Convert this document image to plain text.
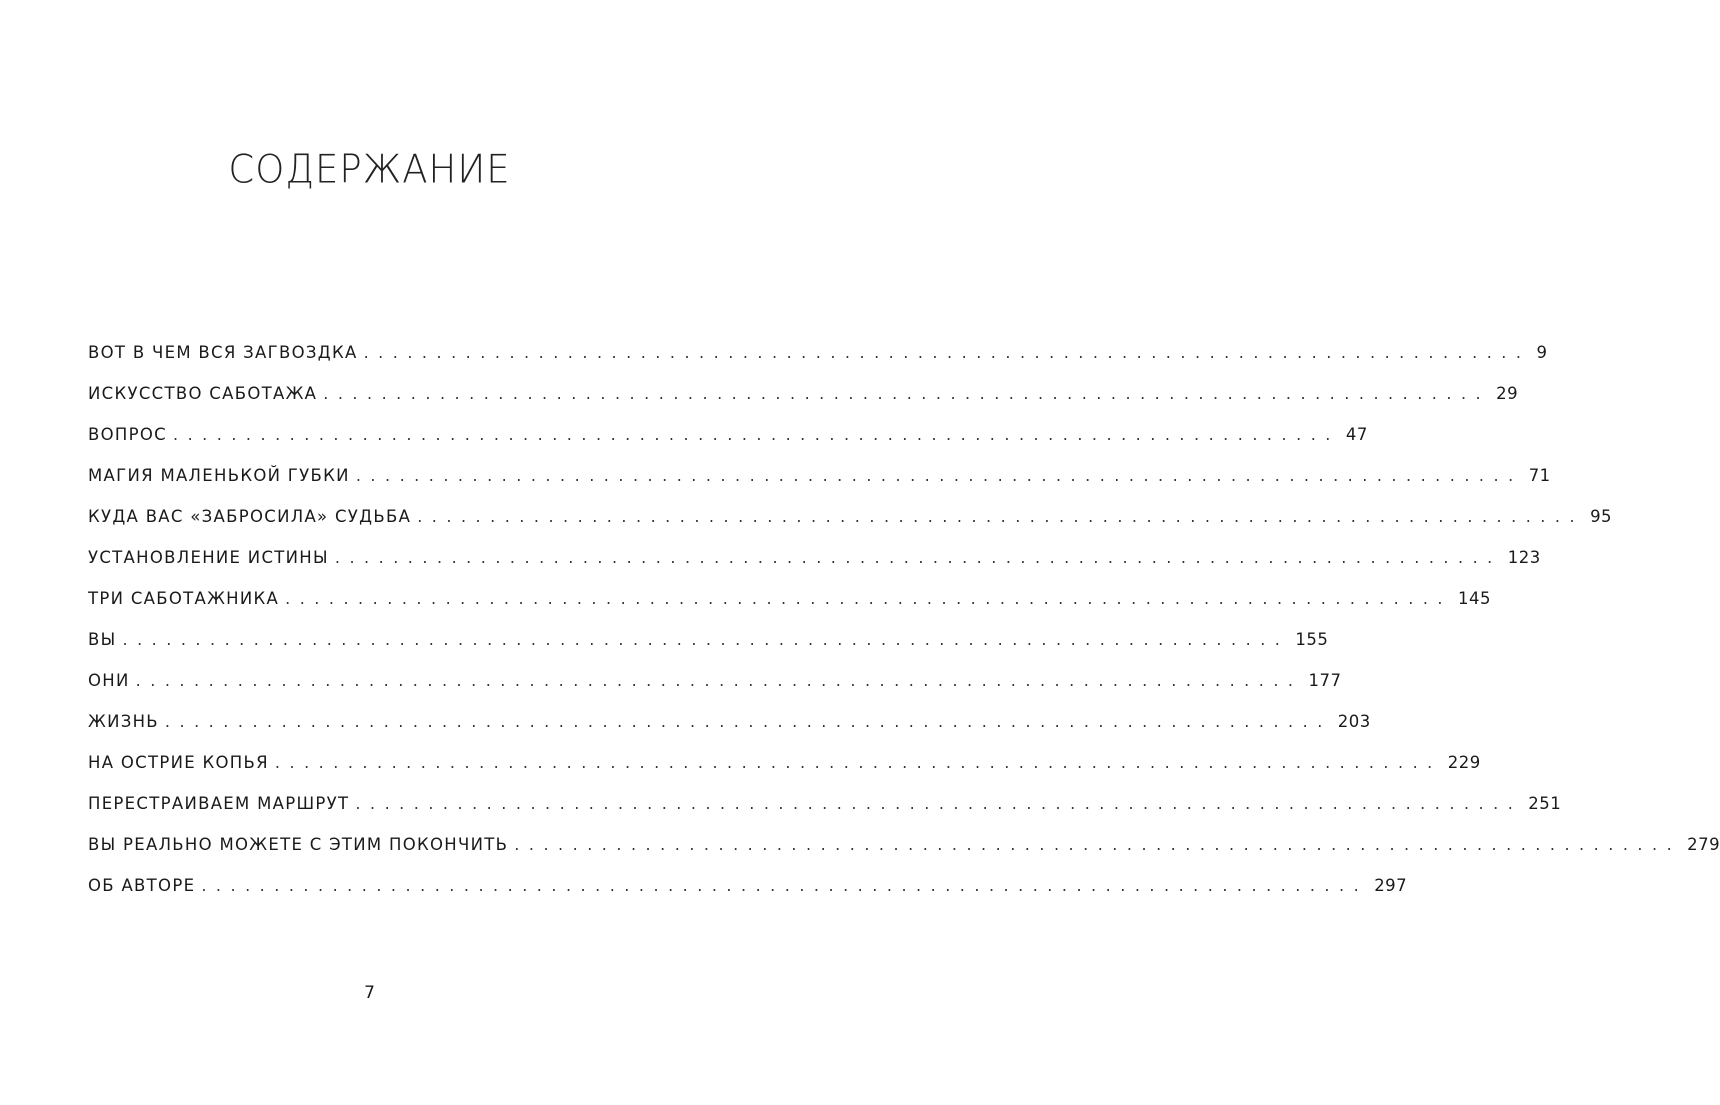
СОДЕРЖАНИЕ
ВОТ В ЧЕМ ВСЯ ЗАГВОЗДКА ................................................................................ 9
ИСКУССТВО САБОТАЖА ................................................................................ 29
ВОПРОС ................................................................................ 47
МАГИЯ МАЛЕНЬКОЙ ГУБКИ ................................................................................ 71
КУДА ВАС «ЗАБРОСИЛА» СУДЬБА ................................................................................ 95
УСТАНОВЛЕНИЕ ИСТИНЫ ................................................................................ 123
ТРИ САБОТАЖНИКА ................................................................................ 145
ВЫ ................................................................................ 155
ОНИ ................................................................................ 177
ЖИЗНЬ ................................................................................ 203
НА ОСТРИЕ КОПЬЯ ................................................................................ 229
ПЕРЕСТРАИВАЕМ МАРШРУТ ................................................................................ 251
ВЫ РЕАЛЬНО МОЖЕТЕ С ЭТИМ ПОКОНЧИТЬ ................................................................................ 279
ОБ АВТОРЕ ................................................................................ 297
7
